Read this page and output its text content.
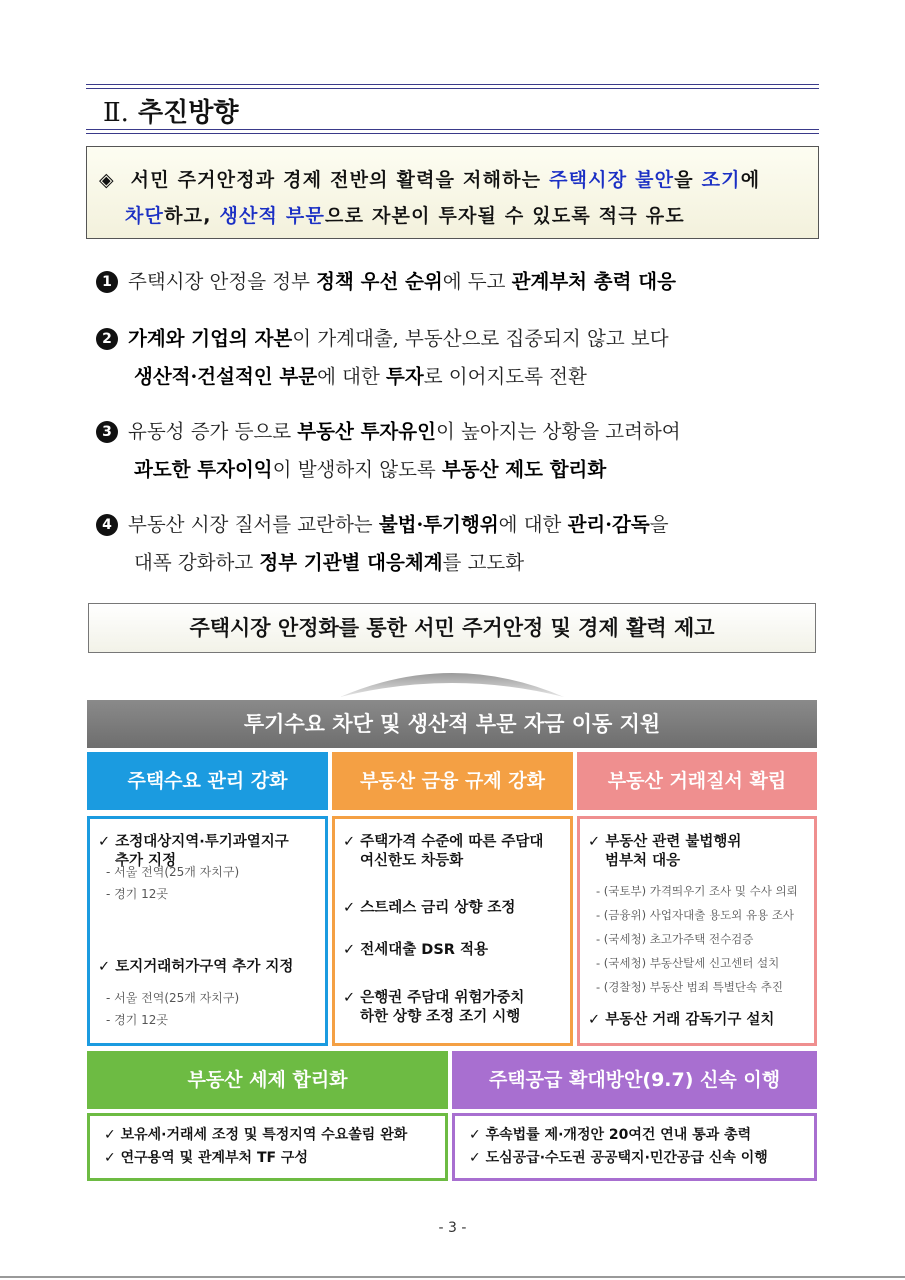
Ⅱ. 추진방향
◈ 서민 주거안정과 경제 전반의 활력을 저해하는 주택시장 불안을 조기에
차단하고, 생산적 부문으로 자본이 투자될 수 있도록 적극 유도
1 주택시장 안정을 정부 정책 우선 순위에 두고 관계부처 총력 대응
2 가계와 기업의 자본이 가계대출, 부동산으로 집중되지 않고 보다
생산적·건설적인 부문에 대한 투자로 이어지도록 전환
3 유동성 증가 등으로 부동산 투자유인이 높아지는 상황을 고려하여
과도한 투자이익이 발생하지 않도록 부동산 제도 합리화
4 부동산 시장 질서를 교란하는 불법·투기행위에 대한 관리·감독을
대폭 강화하고 정부 기관별 대응체계를 고도화
주택시장 안정화를 통한 서민 주거안정 및 경제 활력 제고
투기수요 차단 및 생산적 부문 자금 이동 지원
주택수요 관리 강화	부동산 금융 규제 강화	부동산 거래질서 확립
✓ 조정대상지역·투기과열지구
추가 지정
- 서울 전역(25개 자치구)
- 경기 12곳
✓ 토지거래허가구역 추가 지정
- 서울 전역(25개 자치구)
- 경기 12곳
✓ 주택가격 수준에 따른 주담대
여신한도 차등화
✓ 스트레스 금리 상향 조정
✓ 전세대출 DSR 적용
✓ 은행권 주담대 위험가중치
하한 상향 조정 조기 시행
✓ 부동산 관련 불법행위
범부처 대응
- (국토부) 가격띄우기 조사 및 수사 의뢰
- (금융위) 사업자대출 용도외 유용 조사
- (국세청) 초고가주택 전수검증
- (국세청) 부동산탈세 신고센터 설치
- (경찰청) 부동산 범죄 특별단속 추진
✓ 부동산 거래 감독기구 설치
부동산 세제 합리화	주택공급 확대방안(9.7) 신속 이행
✓ 보유세·거래세 조정 및 특정지역 수요쏠림 완화
✓ 연구용역 및 관계부처 TF 구성
✓ 후속법률 제·개정안 20여건 연내 통과 총력
✓ 도심공급·수도권 공공택지·민간공급 신속 이행
- 3 -
